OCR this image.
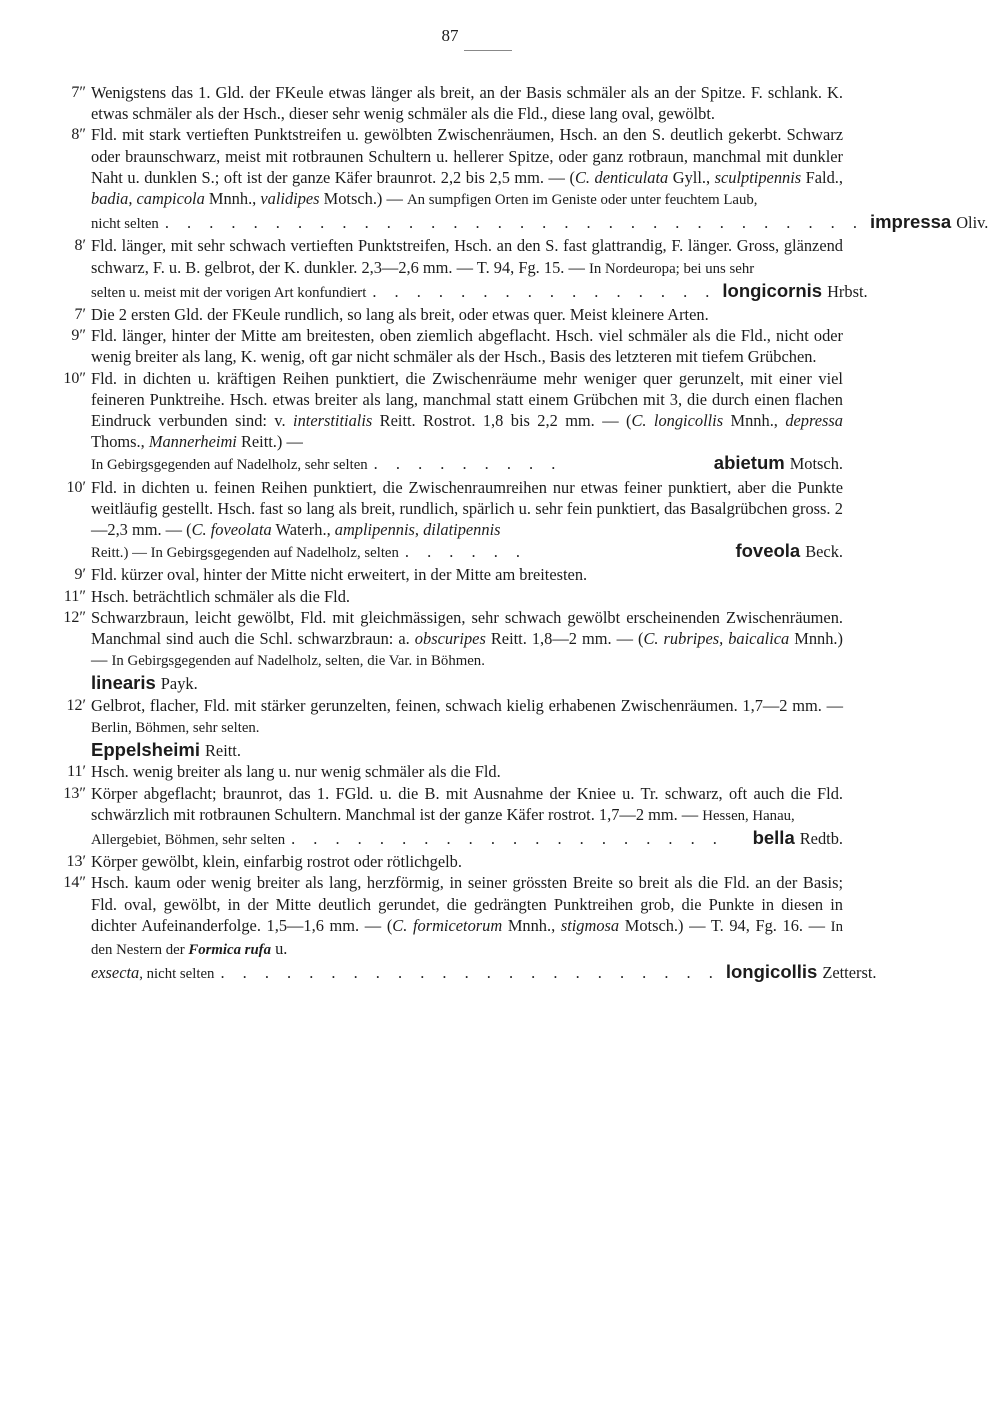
87
7″ Wenigstens das 1. Gld. der FKeule etwas länger als breit, an der Basis schmäler als an der Spitze. F. schlank. K. etwas schmäler als der Hsch., dieser sehr wenig schmäler als die Fld., diese lang oval, gewölbt.
8″ Fld. mit stark vertieften Punktstreifen u. gewölbten Zwischenräumen, Hsch. an den S. deutlich gekerbt. Schwarz oder braunschwarz, meist mit rotbraunen Schultern u. hellerer Spitze, oder ganz rotbraun, manchmal mit dunkler Naht u. dunklen S.; oft ist der ganze Käfer braunrot. 2,2 bis 2,5 mm. — (C. denticulata Gyll., sculptipennis Fald., badia, campicola Mnnh., validipes Motsch.) — An sumpfigen Orten im Geniste oder unter feuchtem Laub,
nicht selten . . . . . . . . . . . . . . . . . . . . . . . . . . . . . . . . impressa Oliv.
8′ Fld. länger, mit sehr schwach vertieften Punktstreifen, Hsch. an den S. fast glattrandig, F. länger. Gross, glänzend schwarz, F. u. B. gelbrot, der K. dunkler. 2,3—2,6 mm. — T. 94, Fg. 15. — In Nordeuropa; bei uns sehr
selten u. meist mit der vorigen Art konfundiert . . . . . . . . . . . . . . . . longicornis Hrbst.
7′ Die 2 ersten Gld. der FKeule rundlich, so lang als breit, oder etwas quer. Meist kleinere Arten.
9″ Fld. länger, hinter der Mitte am breitesten, oben ziemlich abgeflacht. Hsch. viel schmäler als die Fld., nicht oder wenig breiter als lang, K. wenig, oft gar nicht schmäler als der Hsch., Basis des letzteren mit tiefem Grübchen.
10″ Fld. in dichten u. kräftigen Reihen punktiert, die Zwischenräume mehr weniger quer gerunzelt, mit einer viel feineren Punktreihe. Hsch. etwas breiter als lang, manchmal statt einem Grübchen mit 3, die durch einen flachen Eindruck verbunden sind: v. interstitialis Reitt. Rostrot. 1,8 bis 2,2 mm. — (C. longicollis Mnnh., depressa Thoms., Mannerheimi Reitt.) —
In Gebirgsgegenden auf Nadelholz, sehr selten . . . . . . . . .	abietum Motsch.
10′ Fld. in dichten u. feinen Reihen punktiert, die Zwischenraumreihen nur etwas feiner punktiert, aber die Punkte weitläufig gestellt. Hsch. fast so lang als breit, rundlich, spärlich u. sehr fein punktiert, das Basalgrübchen gross. 2—2,3 mm. — (C. foveolata Waterh., amplipennis, dilatipennis
Reitt.) — In Gebirgsgegenden auf Nadelholz, selten . . . . . .	foveola Beck.
9′ Fld. kürzer oval, hinter der Mitte nicht erweitert, in der Mitte am breitesten.
11″ Hsch. beträchtlich schmäler als die Fld.
12″ Schwarzbraun, leicht gewölbt, Fld. mit gleichmässigen, sehr schwach gewölbt erscheinenden Zwischenräumen. Manchmal sind auch die Schl. schwarzbraun: a. obscuripes Reitt. 1,8—2 mm. — (C. rubripes, baicalica Mnnh.) — In Gebirgsgegenden auf Nadelholz, selten, die Var. in Böhmen.
linearis Payk.
12′ Gelbrot, flacher, Fld. mit stärker gerunzelten, feinen, schwach kielig erhabenen Zwischenräumen. 1,7—2 mm. — Berlin, Böhmen, sehr selten.
Eppelsheimi Reitt.
11′ Hsch. wenig breiter als lang u. nur wenig schmäler als die Fld.
13″ Körper abgeflacht; braunrot, das 1. FGld. u. die B. mit Ausnahme der Kniee u. Tr. schwarz, oft auch die Fld. schwärzlich mit rotbraunen Schultern. Manchmal ist der ganze Käfer rostrot. 1,7—2 mm. — Hessen, Hanau,
Allergebiet, Böhmen, sehr selten . . . . . . . . . . . . . . . . . . . .	bella Redtb.
13′ Körper gewölbt, klein, einfarbig rostrot oder rötlichgelb.
14″ Hsch. kaum oder wenig breiter als lang, herzförmig, in seiner grössten Breite so breit als die Fld. an der Basis; Fld. oval, gewölbt, in der Mitte deutlich gerundet, die gedrängten Punktreihen grob, die Punkte in diesen in dichter Aufeinanderfolge. 1,5—1,6 mm. — (C. formicetorum Mnnh., stigmosa Motsch.) — T. 94, Fg. 16. — In den Nestern der Formica rufa u.
exsecta, nicht selten . . . . . . . . . . . . . . . . . . . . . . . longicollis Zetterst.
